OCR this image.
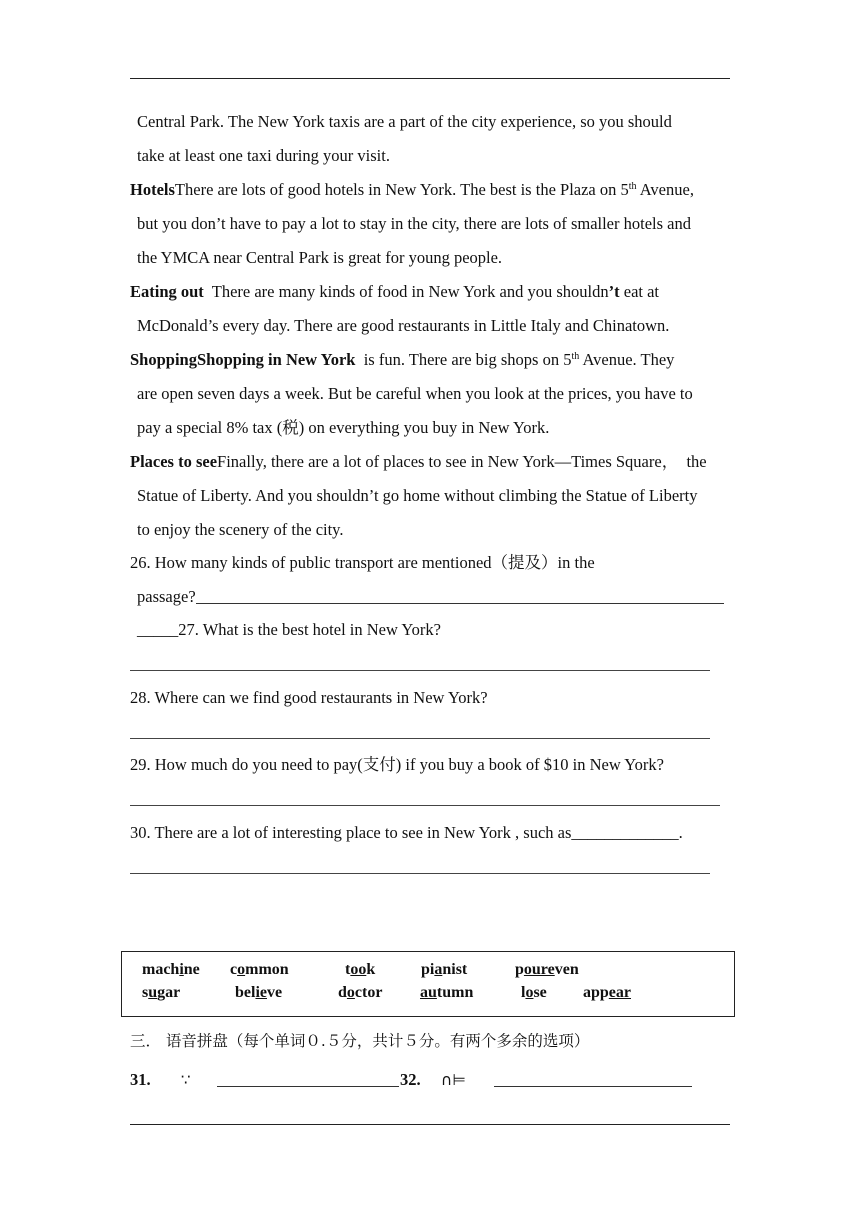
Central Park. The New York taxis are a part of the city experience, so you should
take at least one taxi during your visit.
HotelsThere are lots of good hotels in New York. The best is the Plaza on 5th Avenue,
but you don’t have to pay a lot to stay in the city, there are lots of smaller hotels and
the YMCA near Central Park is great for young people.
Eating out  There are many kinds of food in New York and you shouldn’t eat at
McDonald’s every day. There are good restaurants in Little Italy and Chinatown.
ShoppingShopping in New York  is fun. There are big shops on 5th Avenue. They
are open seven days a week. But be careful when you look at the prices, you have to
pay a special 8% tax (税) on everything you buy in New York.
Places to seeFinally, there are a lot of places to see in New York—Times Square，  the
Statue of Liberty. And you shouldn’t go home without climbing the Statue of Liberty
to enjoy the scenery of the city.
26. How many kinds of public transport are mentioned（提及）in the
passage?
_____27. What is the best hotel in New York?
28. Where can we find good restaurants in New York?
29. How much do you need to pay(支付) if you buy a book of $10 in New York?
30. There are a lot of interesting place to see in New York , such as_____________.
machine common	took	pianist	poureven
sugar	believe	doctor autumn	lose appear
三． 语音拼盘（每个单词０.５分，共计５分。有两个多余的选项）
31. ∵	32. ∩⊨
